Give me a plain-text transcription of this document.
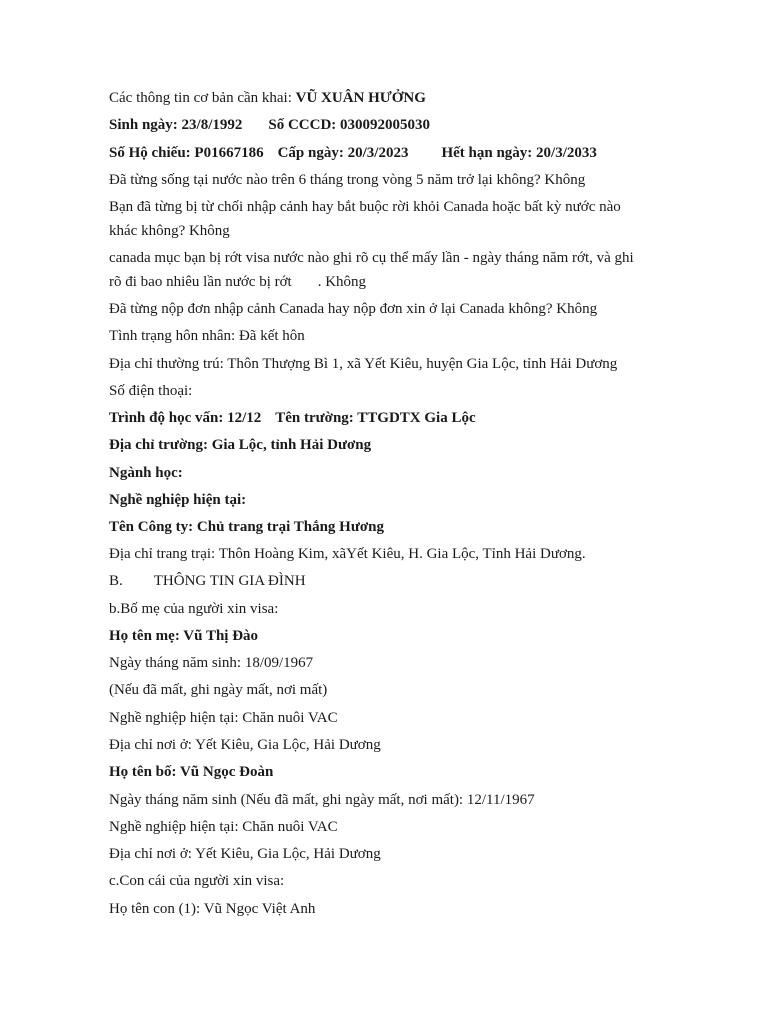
Các thông tin cơ bản cần khai: VŨ XUÂN HƯỞNG
Sinh ngày: 23/8/1992 Số CCCD: 030092005030
Số Hộ chiếu: P01667186 Cấp ngày: 20/3/2023 Hết hạn ngày: 20/3/2033
Đã từng sống tại nước nào trên 6 tháng trong vòng 5 năm trở lại không? Không
Bạn đã từng bị từ chối nhập cảnh hay bắt buộc rời khỏi Canada hoặc bất kỳ nước nào
khác không? Không
canada mục bạn bị rớt visa nước nào ghi rõ cụ thể mấy lần - ngày tháng năm rớt, và ghi
rõ đi bao nhiêu lần nước bị rớt . Không
Đã từng nộp đơn nhập cảnh Canada hay nộp đơn xin ở lại Canada không? Không
Tình trạng hôn nhân: Đã kết hôn
Địa chỉ thường trú: Thôn Thượng Bì 1, xã Yết Kiêu, huyện Gia Lộc, tỉnh Hải Dương
Số điện thoại:
Trình độ học vấn: 12/12 Tên trường: TTGDTX Gia Lộc
Địa chỉ trường: Gia Lộc, tỉnh Hải Dương
Ngành học:
Nghề nghiệp hiện tại:
Tên Công ty: Chủ trang trại Thắng Hương
Địa chỉ trang trại: Thôn Hoàng Kim, xãYết Kiêu, H. Gia Lộc, Tỉnh Hải Dương.
B. THÔNG TIN GIA ĐÌNH
b.Bố mẹ của người xin visa:
Họ tên mẹ: Vũ Thị Đào
Ngày tháng năm sinh: 18/09/1967
(Nếu đã mất, ghi ngày mất, nơi mất)
Nghề nghiệp hiện tại: Chăn nuôi VAC
Địa chỉ nơi ở: Yết Kiêu, Gia Lộc, Hải Dương
Họ tên bố: Vũ Ngọc Đoàn
Ngày tháng năm sinh (Nếu đã mất, ghi ngày mất, nơi mất): 12/11/1967
Nghề nghiệp hiện tại: Chăn nuôi VAC
Địa chỉ nơi ở: Yết Kiêu, Gia Lộc, Hải Dương
c.Con cái của người xin visa:
Họ tên con (1): Vũ Ngọc Việt Anh
